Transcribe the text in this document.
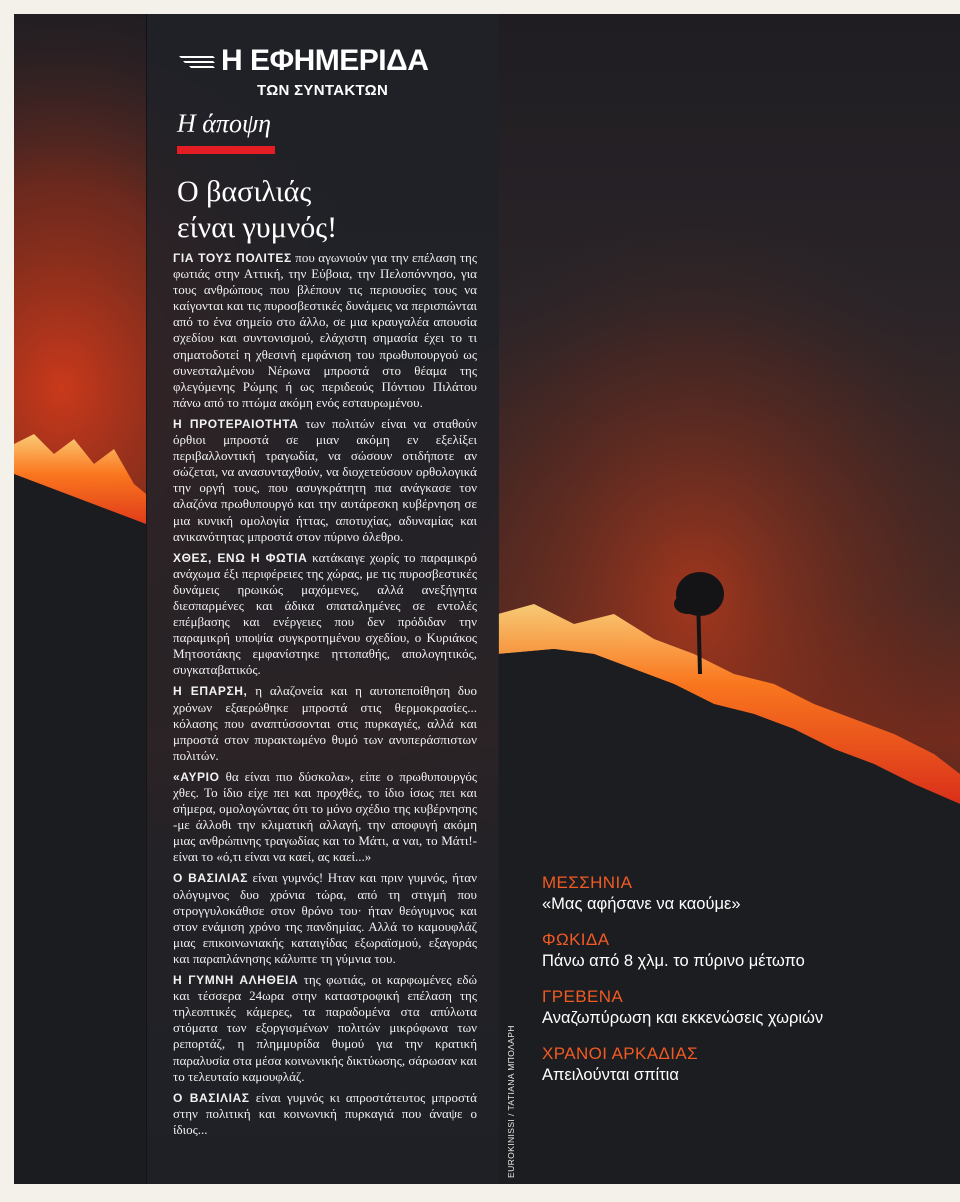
Η ΕΦΗΜΕΡΙΔΑ
ΤΩΝ ΣΥΝΤΑΚΤΩΝ
Η άποψη
Ο βασιλιάς
είναι γυμνός!

ΓΙΑ ΤΟΥΣ ΠΟΛΙΤΕΣ που αγωνιούν για την επέλαση της φωτιάς στην Αττική, την Εύβοια, την Πελοπόννησο, για τους ανθρώπους που βλέπουν τις περιουσίες τους να καίγονται και τις πυροσβεστικές δυνάμεις να περισπώνται από το ένα σημείο στο άλλο, σε μια κραυγαλέα απουσία σχεδίου και συντονισμού, ελάχιστη σημασία έχει το τι σηματοδοτεί η χθεσινή εμφάνιση του πρωθυπουργού ως συνεσταλμένου Νέρωνα μπροστά στο θέαμα της φλεγόμενης Ρώμης ή ως περιδεούς Πόντιου Πιλάτου πάνω από το πτώμα ακόμη ενός εσταυρωμένου.

Η ΠΡΟΤΕΡΑΙΟΤΗΤΑ των πολιτών είναι να σταθούν όρθιοι μπροστά σε μιαν ακόμη εν εξελίξει περιβαλλοντική τραγωδία, να σώσουν οτιδήποτε αν σώζεται, να ανασυνταχθούν, να διοχετεύσουν ορθολογικά την οργή τους, που ασυγκράτητη πια ανάγκασε τον αλαζόνα πρωθυπουργό και την αυτάρεσκη κυβέρνηση σε μια κυνική ομολογία ήττας, αποτυχίας, αδυναμίας και ανικανότητας μπροστά στον πύρινο όλεθρο.

ΧΘΕΣ, ΕΝΩ Η ΦΩΤΙΑ κατάκαιγε χωρίς το παραμικρό ανάχωμα έξι περιφέρειες της χώρας, με τις πυροσβεστικές δυνάμεις ηρωικώς μαχόμενες, αλλά ανεξήγητα διεσπαρμένες και άδικα σπαταλημένες σε εντολές επέμβασης και ενέργειες που δεν πρόδιδαν την παραμικρή υποψία συγκροτημένου σχεδίου, ο Κυριάκος Μητσοτάκης εμφανίστηκε ηττοπαθής, απολογητικός, συγκαταβατικός.

Η ΕΠΑΡΣΗ, η αλαζονεία και η αυτοπεποίθηση δυο χρόνων εξαερώθηκε μπροστά στις θερμοκρασίες... κόλασης που αναπτύσσονται στις πυρκαγιές, αλλά και μπροστά στον πυρακτωμένο θυμό των ανυπεράσπιστων πολιτών.

«ΑΥΡΙΟ θα είναι πιο δύσκολα», είπε ο πρωθυπουργός χθες. Το ίδιο είχε πει και προχθές, το ίδιο ίσως πει και σήμερα, ομολογώντας ότι το μόνο σχέδιο της κυβέρνησης -με άλλοθι την κλιματική αλλαγή, την αποφυγή ακόμη μιας ανθρώπινης τραγωδίας και το Μάτι, α ναι, το Μάτι!- είναι το «ό,τι είναι να καεί, ας καεί...»

Ο ΒΑΣΙΛΙΑΣ είναι γυμνός! Ηταν και πριν γυμνός, ήταν ολόγυμνος δυο χρόνια τώρα, από τη στιγμή που στρογγυλοκάθισε στον θρόνο του· ήταν θεόγυμνος και στον ενάμιση χρόνο της πανδημίας. Αλλά το καμουφλάζ μιας επικοινωνιακής καταιγίδας εξωραϊσμού, εξαγοράς και παραπλάνησης κάλυπτε τη γύμνια του.

Η ΓΥΜΝΗ ΑΛΗΘΕΙΑ της φωτιάς, οι καρφωμένες εδώ και τέσσερα 24ωρα στην καταστροφική επέλαση της τηλεοπτικές κάμερες, τα παραδομένα στα απύλωτα στόματα των εξοργισμένων πολιτών μικρόφωνα των ρεπορτάζ, η πλημμυρίδα θυμού για την κρατική παραλυσία στα μέσα κοινωνικής δικτύωσης, σάρωσαν και το τελευταίο καμουφλάζ.

Ο ΒΑΣΙΛΙΑΣ είναι γυμνός κι απροστάτευτος μπροστά στην πολιτική και κοινωνική πυρκαγιά που άναψε ο ίδιος...	EUROKINISSI / ΤΑΤΙΑΝΑ ΜΠΟΛΑΡΗ
ΜΕΣΣΗΝΙΑ
«Μας αφήσανε να καούμε»
ΦΩΚΙΔΑ
Πάνω από 8 χλμ. το πύρινο μέτωπο
ΓΡΕΒΕΝΑ
Αναζωπύρωση και εκκενώσεις χωριών
ΧΡΑΝΟΙ ΑΡΚΑΔΙΑΣ
Απειλούνται σπίτια
